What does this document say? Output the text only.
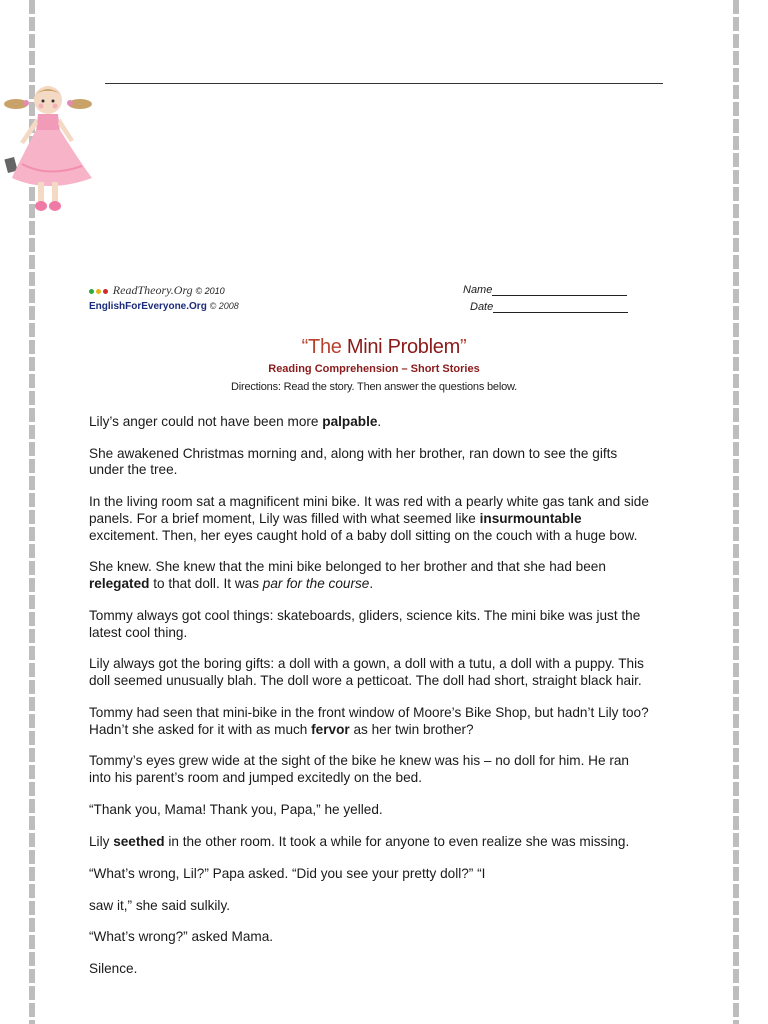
ReadTheory.Org © 2010
EnglishForEveryone.Org © 2008
Name
Date
“The Mini Problem”
Reading Comprehension – Short Stories
Directions: Read the story. Then answer the questions below.

Lily’s anger could not have been more palpable.

She awakened Christmas morning and, along with her brother, ran down to see the gifts under the tree.

In the living room sat a magnificent mini bike. It was red with a pearly white gas tank and side panels. For a brief moment, Lily was filled with what seemed like insurmountable excitement. Then, her eyes caught hold of a baby doll sitting on the couch with a huge bow.

She knew. She knew that the mini bike belonged to her brother and that she had been relegated to that doll. It was par for the course.

Tommy always got cool things: skateboards, gliders, science kits. The mini bike was just the latest cool thing.

Lily always got the boring gifts: a doll with a gown, a doll with a tutu, a doll with a puppy. This doll seemed unusually blah. The doll wore a petticoat. The doll had short, straight black hair.

Tommy had seen that mini-bike in the front window of Moore’s Bike Shop, but hadn’t Lily too? Hadn’t she asked for it with as much fervor as her twin brother?

Tommy’s eyes grew wide at the sight of the bike he knew was his – no doll for him. He ran into his parent’s room and jumped excitedly on the bed.

“Thank you, Mama! Thank you, Papa,” he yelled.

Lily seethed in the other room. It took a while for anyone to even realize she was missing.

“What’s wrong, Lil?” Papa asked. “Did you see your pretty doll?” “I

saw it,” she said sulkily.

“What’s wrong?” asked Mama.

Silence.
